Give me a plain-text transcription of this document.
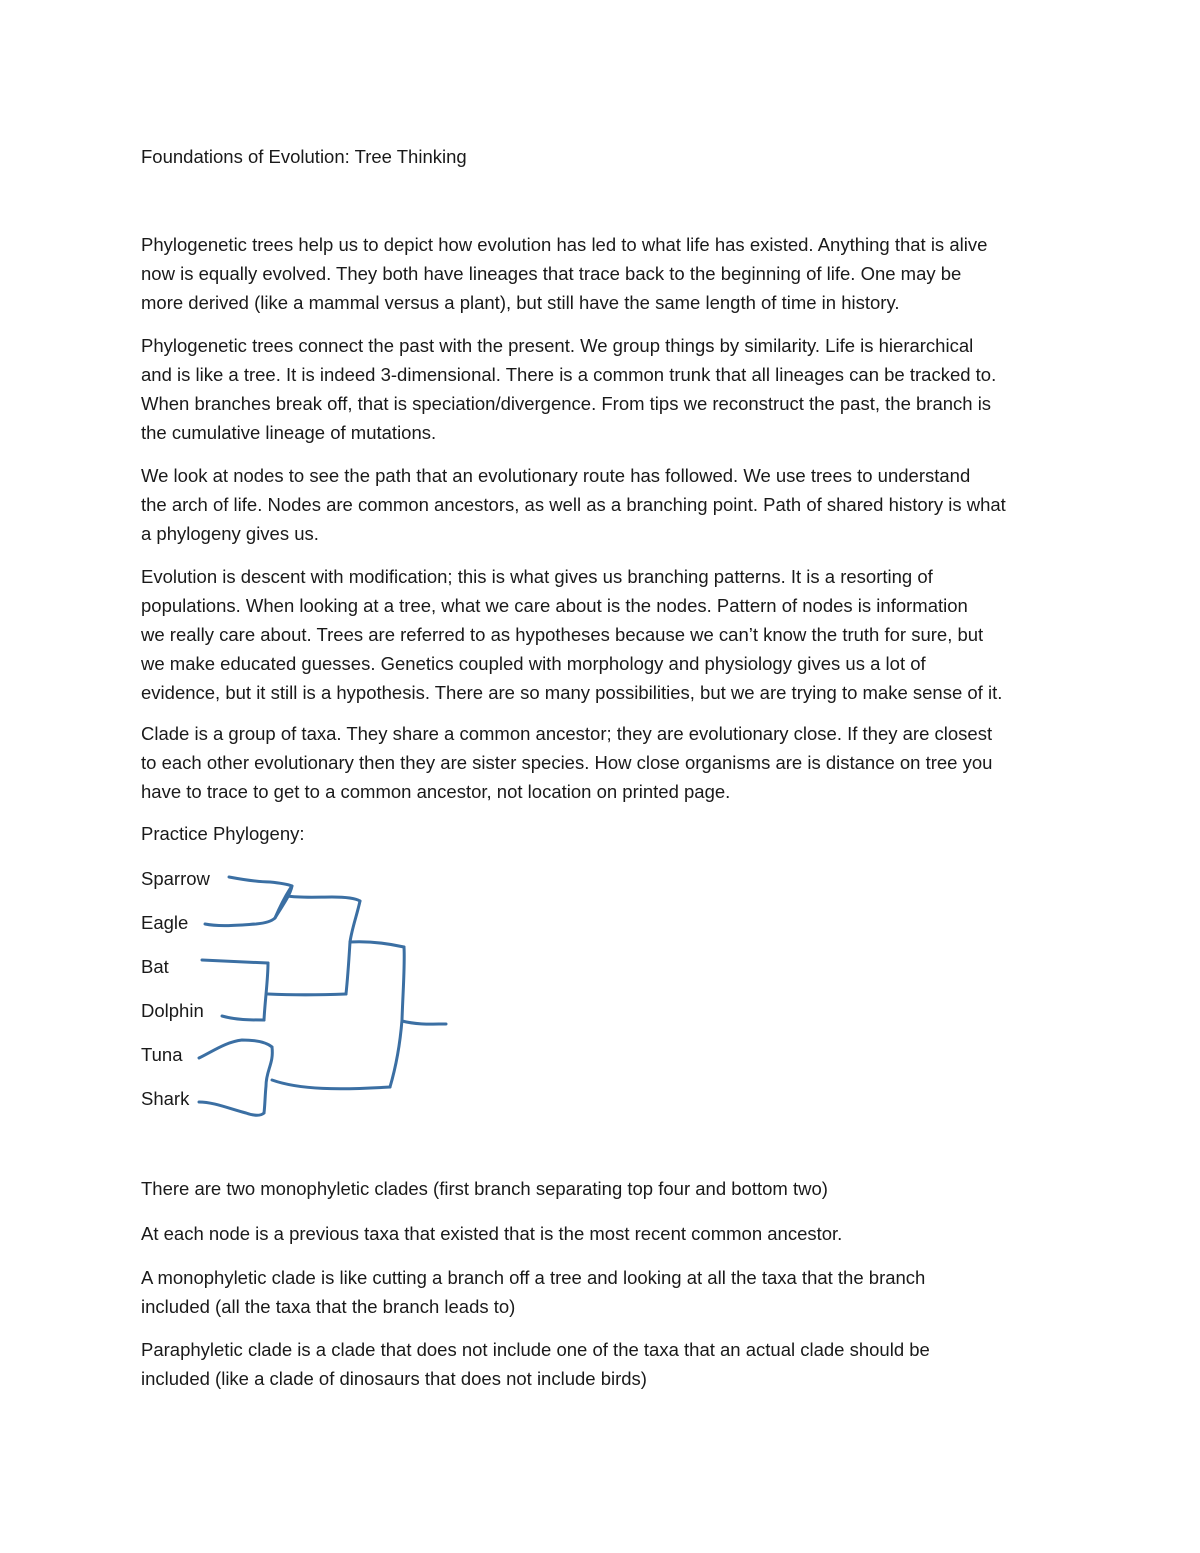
Foundations of Evolution: Tree Thinking

Phylogenetic trees help us to depict how evolution has led to what life has existed. Anything that is alive
now is equally evolved. They both have lineages that trace back to the beginning of life. One may be
more derived (like a mammal versus a plant), but still have the same length of time in history.

Phylogenetic trees connect the past with the present. We group things by similarity. Life is hierarchical
and is like a tree. It is indeed 3-dimensional. There is a common trunk that all lineages can be tracked to.
When branches break off, that is speciation/divergence. From tips we reconstruct the past, the branch is
the cumulative lineage of mutations.

We look at nodes to see the path that an evolutionary route has followed. We use trees to understand
the arch of life. Nodes are common ancestors, as well as a branching point. Path of shared history is what
a phylogeny gives us.

Evolution is descent with modification; this is what gives us branching patterns. It is a resorting of
populations. When looking at a tree, what we care about is the nodes. Pattern of nodes is information
we really care about. Trees are referred to as hypotheses because we can’t know the truth for sure, but
we make educated guesses. Genetics coupled with morphology and physiology gives us a lot of
evidence, but it still is a hypothesis. There are so many possibilities, but we are trying to make sense of it.

Clade is a group of taxa. They share a common ancestor; they are evolutionary close. If they are closest
to each other evolutionary then they are sister species. How close organisms are is distance on tree you
have to trace to get to a common ancestor, not location on printed page.

Practice Phylogeny:

Sparrow
Eagle
Bat
Dolphin
Tuna
Shark

There are two monophyletic clades (first branch separating top four and bottom two)

At each node is a previous taxa that existed that is the most recent common ancestor.

A monophyletic clade is like cutting a branch off a tree and looking at all the taxa that the branch
included (all the taxa that the branch leads to)

Paraphyletic clade is a clade that does not include one of the taxa that an actual clade should be
included (like a clade of dinosaurs that does not include birds)
